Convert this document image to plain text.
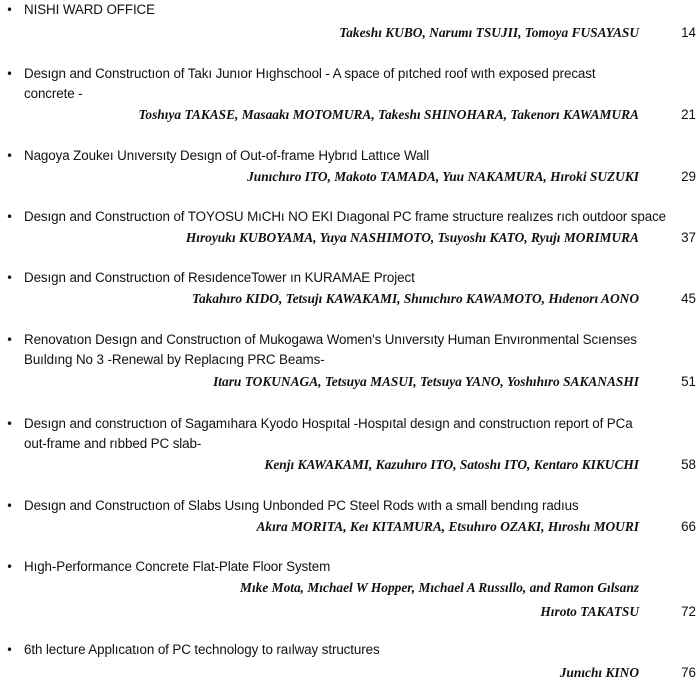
• NISHI WARD OFFICE
Takeshı KUBO, Narumı TSUJII, Tomoya FUSAYASU	14
• Desıgn and Constructıon of Takı Junıor Hıghschool - A space of pıtched roof wıth exposed precast
concrete -
Toshıya TAKASE, Masaakı MOTOMURA, Takeshı SHINOHARA, Takenorı KAWAMURA	21
• Nagoya Zoukeı Unıversıty Desıgn of Out-of-frame Hybrıd Lattıce Wall
Junıchıro ITO, Makoto TAMADA, Yuu NAKAMURA, Hıroki SUZUKI	29
• Desıgn and Constructıon of TOYOSU MıCHı NO EKI Dıagonal PC frame structure realızes rıch outdoor space
Hıroyukı KUBOYAMA, Yuya NASHIMOTO, Tsuyoshı KATO, Ryujı MORIMURA	37
• Desıgn and Constructıon of ResıdenceTower ın KURAMAE Project
Takahıro KIDO, Tetsujı KAWAKAMI, Shınıchıro KAWAMOTO, Hıdenorı AONO	45
• Renovatıon Desıgn and Constructıon of Mukogawa Women's Unıversıty Human Envıronmental Scıenses
Buıldıng No 3 -Renewal by Replacıng PRC Beams-
Itaru TOKUNAGA, Tetsuya MASUI, Tetsuya YANO, Yoshıhıro SAKANASHI	51
• Desıgn and constructıon of Sagamıhara Kyodo Hospıtal -Hospıtal desıgn and constructıon report of PCa
out-frame and rıbbed PC slab-
Kenjı KAWAKAMI, Kazuhıro ITO, Satoshı ITO, Kentaro KIKUCHI	58
• Desıgn and Constructıon of Slabs Usıng Unbonded PC Steel Rods wıth a small bendıng radıus
Akıra MORITA, Keı KITAMURA, Etsuhıro OZAKI, Hıroshı MOURI	66
• Hıgh-Performance Concrete Flat-Plate Floor System
Mıke Mota, Mıchael W Hopper, Mıchael A Russıllo, and Ramon Gılsanz
Hıroto TAKATSU	72
• 6th lecture Applıcatıon of PC technology to raılway structures
Junıchı KINO	76
